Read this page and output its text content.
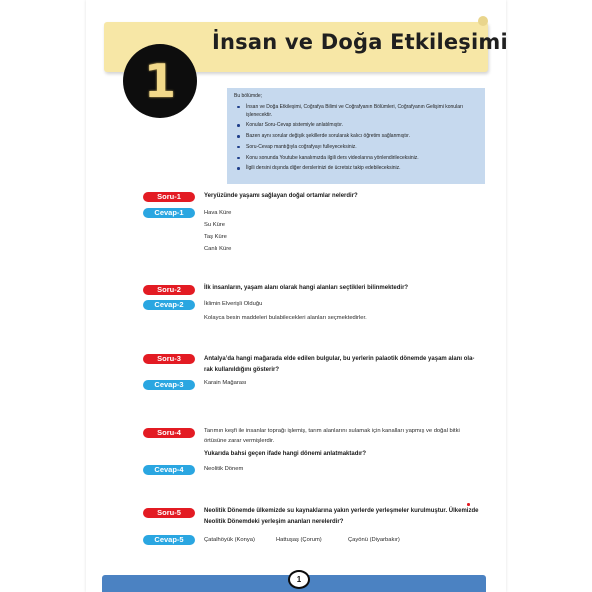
İnsan ve Doğa Etkileşimi
1	Bu bölümde;
İnsan ve Doğa Etkileşimi, Coğrafya Bilimi ve Coğrafyanın Bölümleri, Coğrafyanın Gelişimi konuları işlenecektir.
Konular Soru-Cevap sistemiyle anlatılmıştır.
Bazen aynı sorular değişik şekillerde sorularak kalıcı öğretim sağlanmıştır.
Soru-Cevap mantığıyla coğrafyayı fulleyeceksiniz.
Konu sonunda Youtube kanalımızda ilgili ders videolarına yönlendirileceksiniz.
İlgili dersini dışında diğer derslerinizi de ücretsiz takip edebileceksiniz.
Soru-1	Yeryüzünde yaşamı sağlayan doğal ortamlar nelerdir?
Cevap-1	Hava Küre
Su Küre
Taş Küre
Canlı Küre
Soru-2	İlk insanların, yaşam alanı olarak hangi alanları seçtikleri bilinmektedir?
Cevap-2	İklimin Elverişli Olduğu
Kolayca besin maddeleri bulabilecekleri alanları seçmektedirler.
Soru-3	Antalya’da hangi mağarada elde edilen bulgular, bu yerlerin palaotik dönemde yaşam alanı ola-
rak kullanıldığını gösterir?
Cevap-3	Karain Mağarası
Soru-4	Tarımın keşfi ile insanlar toprağı işlemiş, tarım alanlarını sulamak için kanalları yapmış ve doğal bitki
örtüsüne zarar vermişlerdir.
Yukarıda bahsi geçen ifade hangi dönemi anlatmaktadır?
Cevap-4	Neolitik Dönem
Soru-5	Neolitik Dönemde ülkemizde su kaynaklarına yakın yerlerde yerleşmeler kurulmuştur. Ülkemizde
Neolitik Dönemdeki yerleşim ananları nerelerdir?
Cevap-5	Çatalhöyük (Konya)	Hattuşaş (Çorum)	Çayönü (Diyarbakır)
1
